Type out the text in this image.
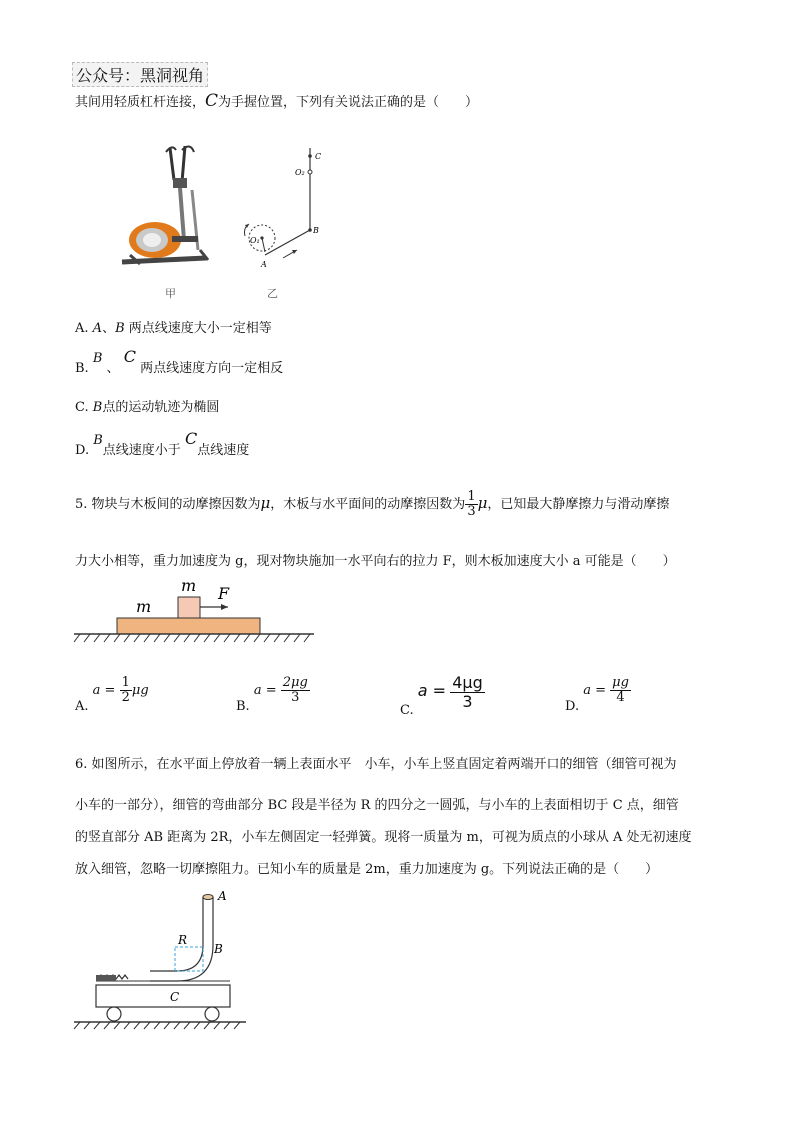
公众号：黑洞视角
其间用轻质杠杆连接，C为手握位置，下列有关说法正确的是（　　）
甲
C
O₂
B
O₁
A
乙
A. A、B 两点线速度大小一定相等
B. B 、 C 两点线速度方向一定相反
C. B点的运动轨迹为椭圆
D. B点线速度小于 C点线速度
5. 物块与木板间的动摩擦因数为μ，木板与水平面间的动摩擦因数为 $\frac{1}{3}$ μ，已知最大静摩擦力与滑动摩擦
力大小相等，重力加速度为 g，现对物块施加一水平向右的拉力 F，则木板加速度大小 a 可能是（　　）
m
m
F
A. $a = \frac{1}{2}$ μg
B. $a = \frac{2\mu g}{3}$
C. $a = \frac{4\mu g}{3}$	D. $a = \frac{\mu g}{4}$
6. 如图所示，在水平面上停放着一辆上表面水平　小车，小车上竖直固定着两端开口的细管（细管可视为
小车的一部分），细管的弯曲部分 BC 段是半径为 R 的四分之一圆弧，与小车的上表面相切于 C 点，细管
的竖直部分 AB 距离为 2R，小车左侧固定一轻弹簧。现将一质量为 m，可视为质点的小球从 A 处无初速度
放入细管，忽略一切摩擦阻力。已知小车的质量是 2m，重力加速度为 g。下列说法正确的是（　　）
A
B
R
C
